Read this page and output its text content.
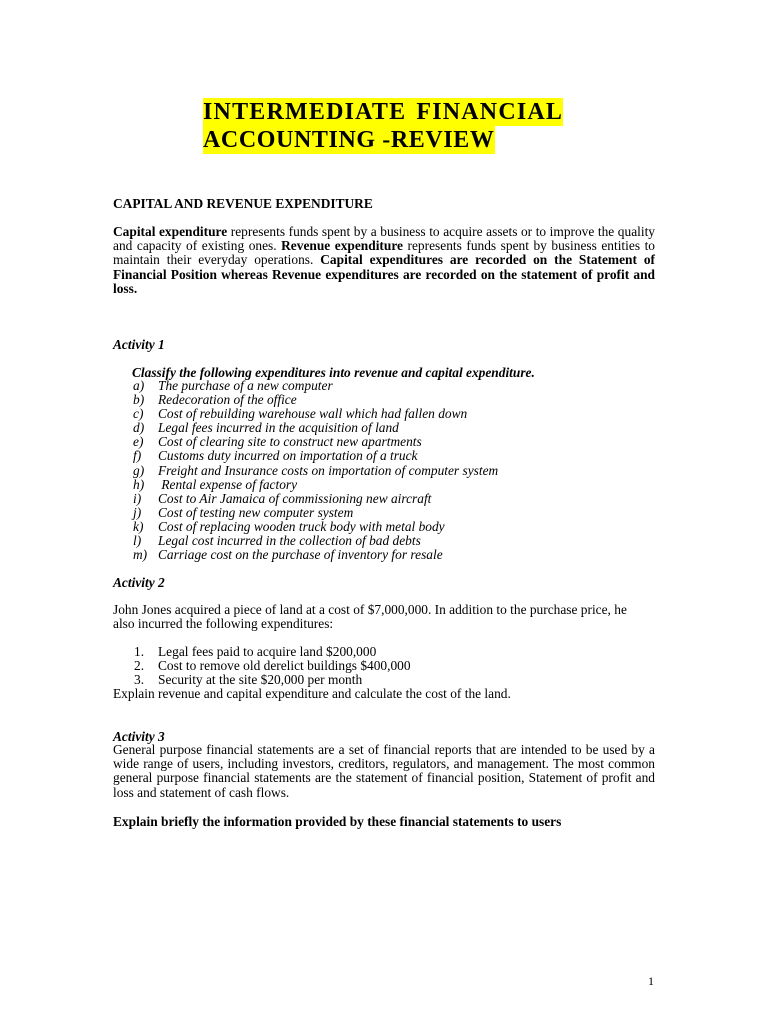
INTERMEDIATE FINANCIAL
ACCOUNTING -REVIEW
CAPITAL AND REVENUE EXPENDITURE
Capital expenditure represents funds spent by a business to acquire assets or to improve the quality and capacity of existing ones. Revenue expenditure represents funds spent by business entities to maintain their everyday operations. Capital expenditures are recorded on the Statement of Financial Position whereas Revenue expenditures are recorded on the statement of profit and loss.
Activity 1
Classify the following expenditures into revenue and capital expenditure.
a) The purchase of a new computer
b) Redecoration of the office
c) Cost of rebuilding warehouse wall which had fallen down
d) Legal fees incurred in the acquisition of land
e) Cost of clearing site to construct new apartments
f) Customs duty incurred on importation of a truck
g) Freight and Insurance costs on importation of computer system
h) Rental expense of factory
i) Cost to Air Jamaica of commissioning new aircraft
j) Cost of testing new computer system
k) Cost of replacing wooden truck body with metal body
l) Legal cost incurred in the collection of bad debts
m) Carriage cost on the purchase of inventory for resale
Activity 2
John Jones acquired a piece of land at a cost of $7,000,000. In addition to the purchase price, he also incurred the following expenditures:
1. Legal fees paid to acquire land $200,000
2. Cost to remove old derelict buildings $400,000
3. Security at the site $20,000 per month
Explain revenue and capital expenditure and calculate the cost of the land.
Activity 3
General purpose financial statements are a set of financial reports that are intended to be used by a wide range of users, including investors, creditors, regulators, and management. The most common general purpose financial statements are the statement of financial position, Statement of profit and loss and statement of cash flows.
Explain briefly the information provided by these financial statements to users
1
